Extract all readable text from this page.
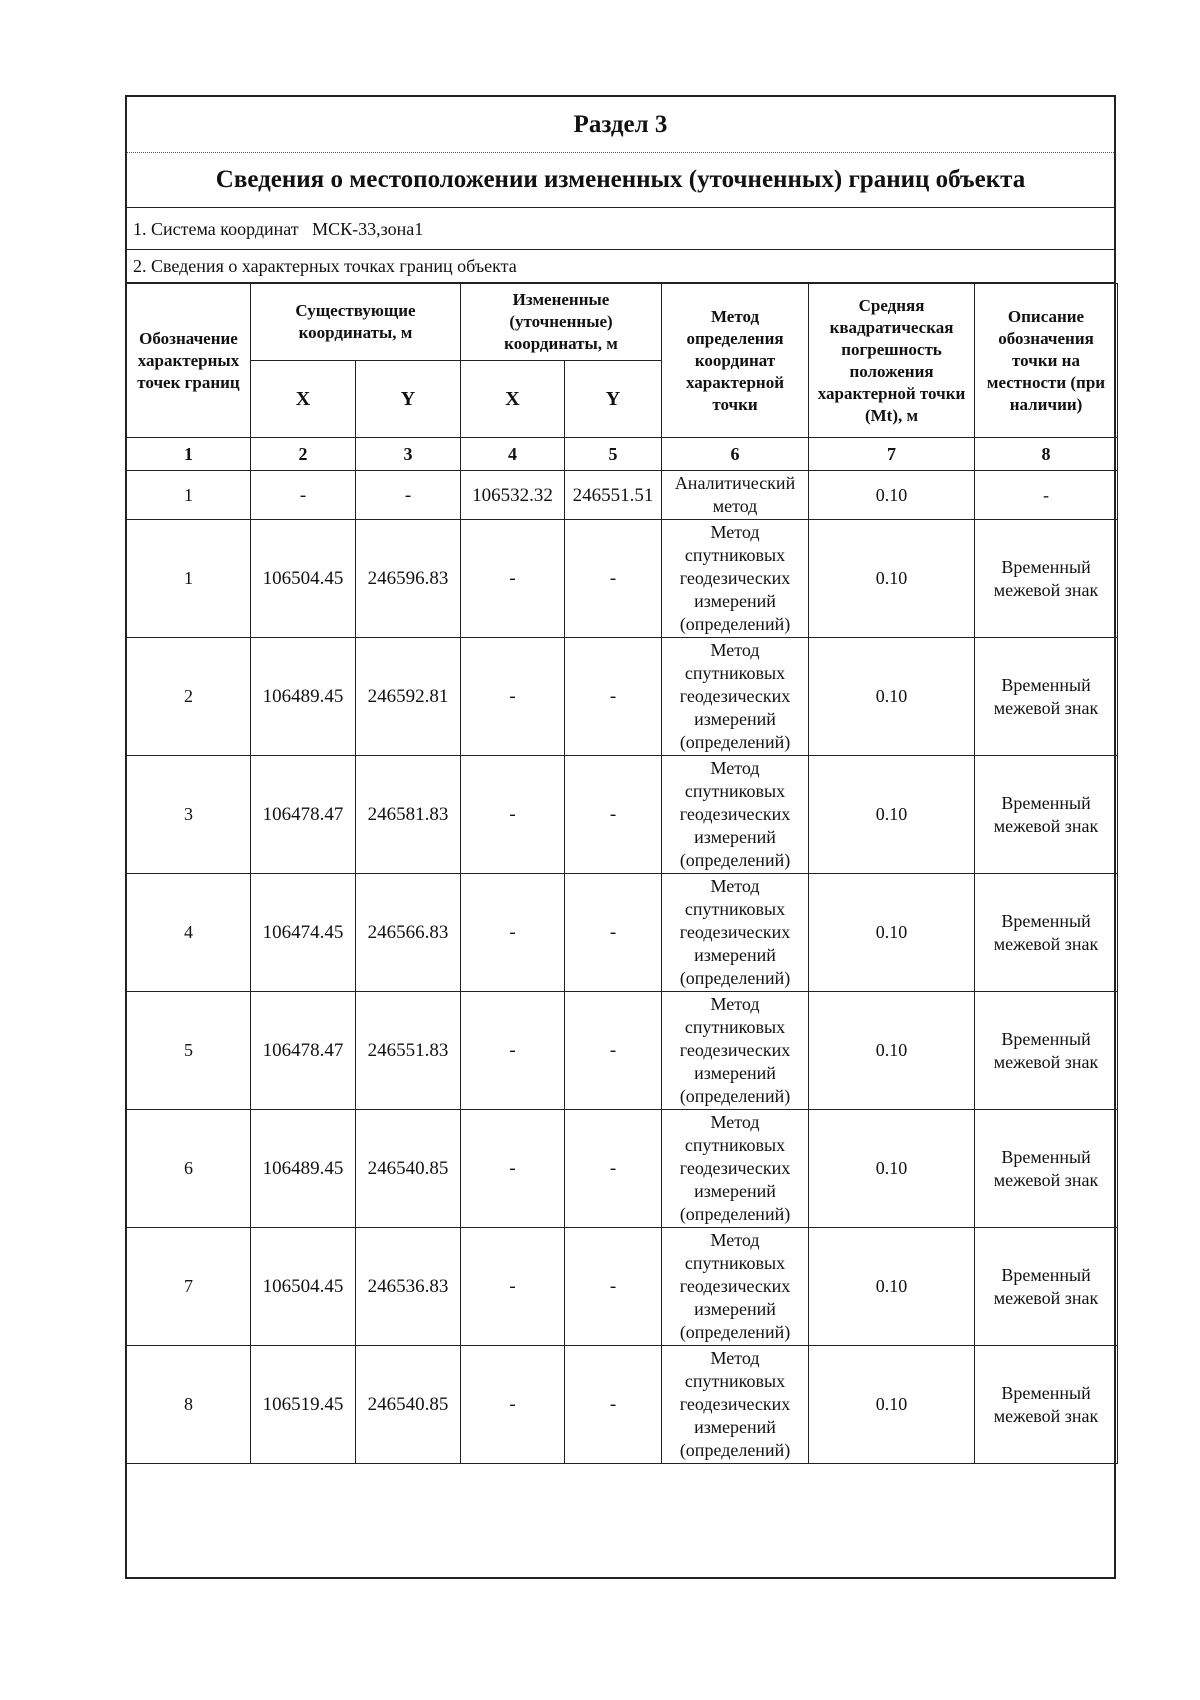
Раздел 3
Сведения о местоположении измененных (уточненных) границ объекта
1. Система координат МСК-33,зона1
2. Сведения о характерных точках границ объекта
Обозначение характерных точек границ	Существующие координаты, м		Измененные (уточненные) координаты, м		Метод определения координат характерной точки	Средняя квадратическая погрешность положения характерной точки (Mt), м	Описание обозначения точки на местности (при наличии)
	X	Y	X	Y			
1	2	3	4	5	6	7	8
1	-	-	106532.32	246551.51	Аналитический метод	0.10	-
1	106504.45	246596.83	-	-	Метод спутниковых геодезических измерений (определений)	0.10	Временный межевой знак
2	106489.45	246592.81	-	-	Метод спутниковых геодезических измерений (определений)	0.10	Временный межевой знак
3	106478.47	246581.83	-	-	Метод спутниковых геодезических измерений (определений)	0.10	Временный межевой знак
4	106474.45	246566.83	-	-	Метод спутниковых геодезических измерений (определений)	0.10	Временный межевой знак
5	106478.47	246551.83	-	-	Метод спутниковых геодезических измерений (определений)	0.10	Временный межевой знак
6	106489.45	246540.85	-	-	Метод спутниковых геодезических измерений (определений)	0.10	Временный межевой знак
7	106504.45	246536.83	-	-	Метод спутниковых геодезических измерений (определений)	0.10	Временный межевой знак
8	106519.45	246540.85	-	-	Метод спутниковых геодезических измерений (определений)	0.10	Временный межевой знак
